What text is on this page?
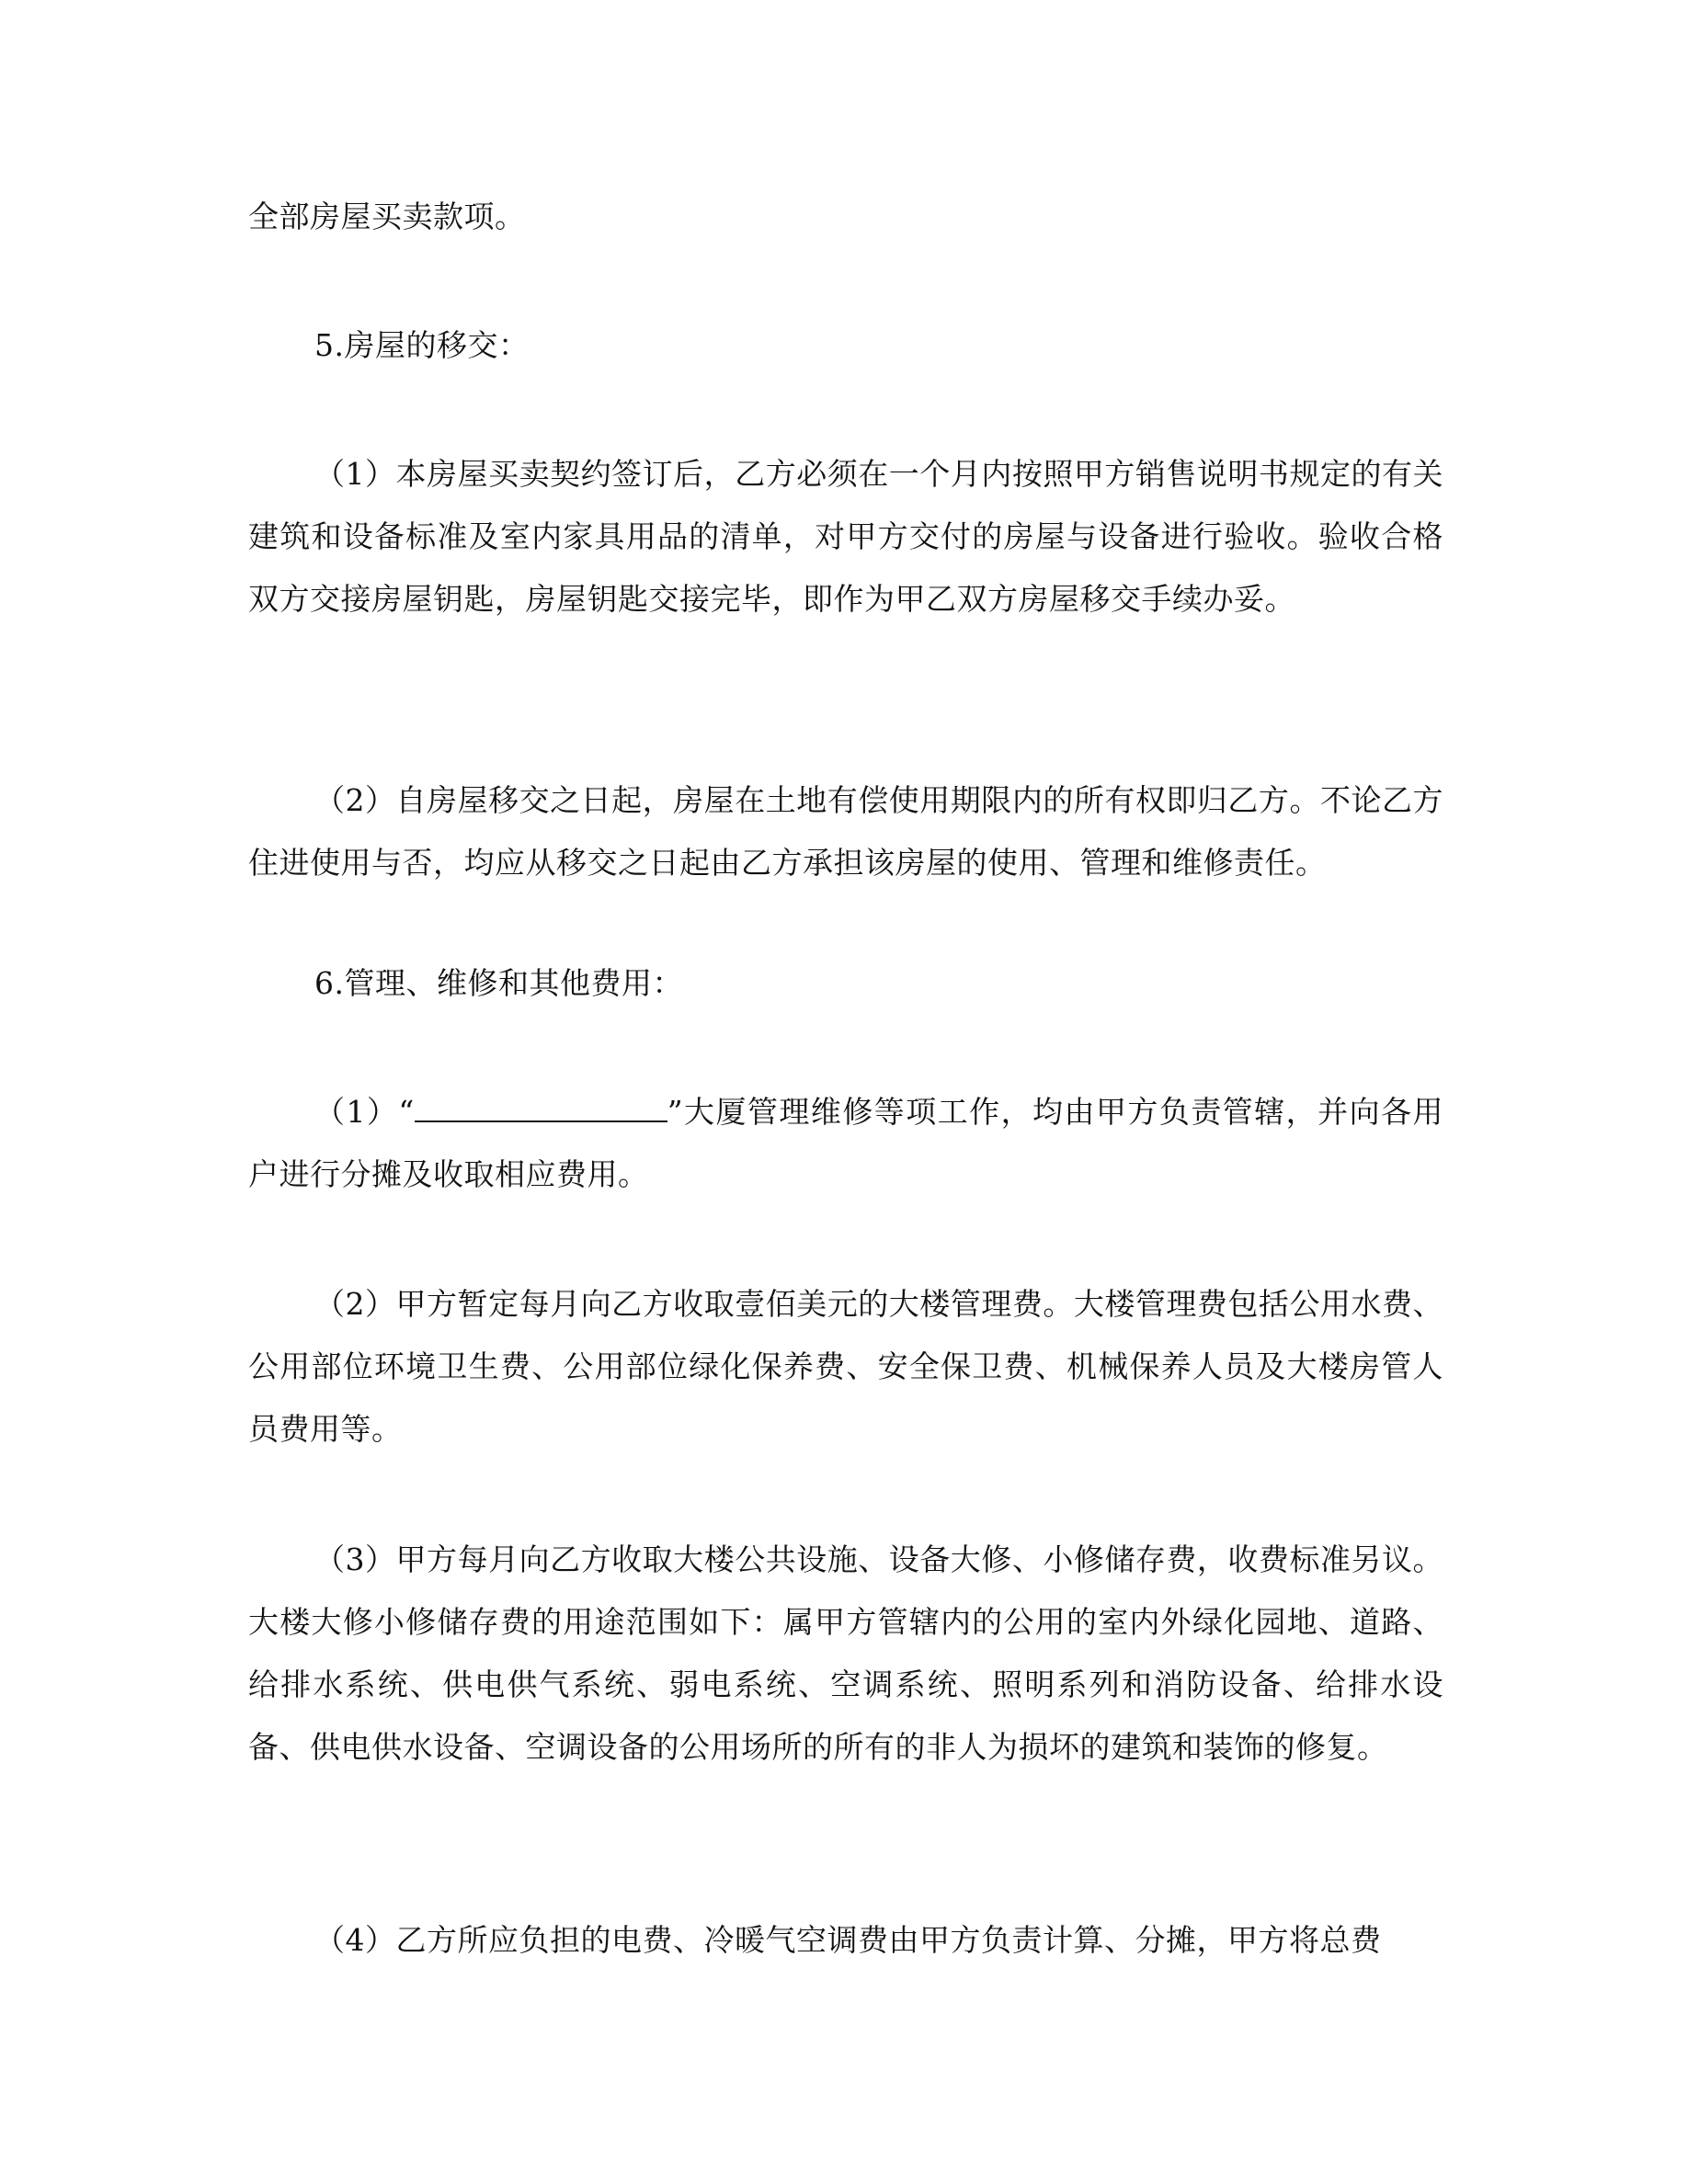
全部房屋买卖款项。

5.房屋的移交：

（1）本房屋买卖契约签订后，乙方必须在一个月内按照甲方销售说明书规定的有关建筑和设备标准及室内家具用品的清单，对甲方交付的房屋与设备进行验收。验收合格双方交接房屋钥匙，房屋钥匙交接完毕，即作为甲乙双方房屋移交手续办妥。

（2）自房屋移交之日起，房屋在土地有偿使用期限内的所有权即归乙方。不论乙方住进使用与否，均应从移交之日起由乙方承担该房屋的使用、管理和维修责任。

6.管理、维修和其他费用：

（1）“	”大厦管理维修等项工作，均由甲方负责管辖，并向各用户进行分摊及收取相应费用。

（2）甲方暂定每月向乙方收取壹佰美元的大楼管理费。大楼管理费包括公用水费、公用部位环境卫生费、公用部位绿化保养费、安全保卫费、机械保养人员及大楼房管人员费用等。

（3）甲方每月向乙方收取大楼公共设施、设备大修、小修储存费，收费标准另议。大楼大修小修储存费的用途范围如下：属甲方管辖内的公用的室内外绿化园地、道路、给排水系统、供电供气系统、弱电系统、空调系统、照明系列和消防设备、给排水设备、供电供水设备、空调设备的公用场所的所有的非人为损坏的建筑和装饰的修复。

（4）乙方所应负担的电费、冷暖气空调费由甲方负责计算、分摊，甲方将总费
